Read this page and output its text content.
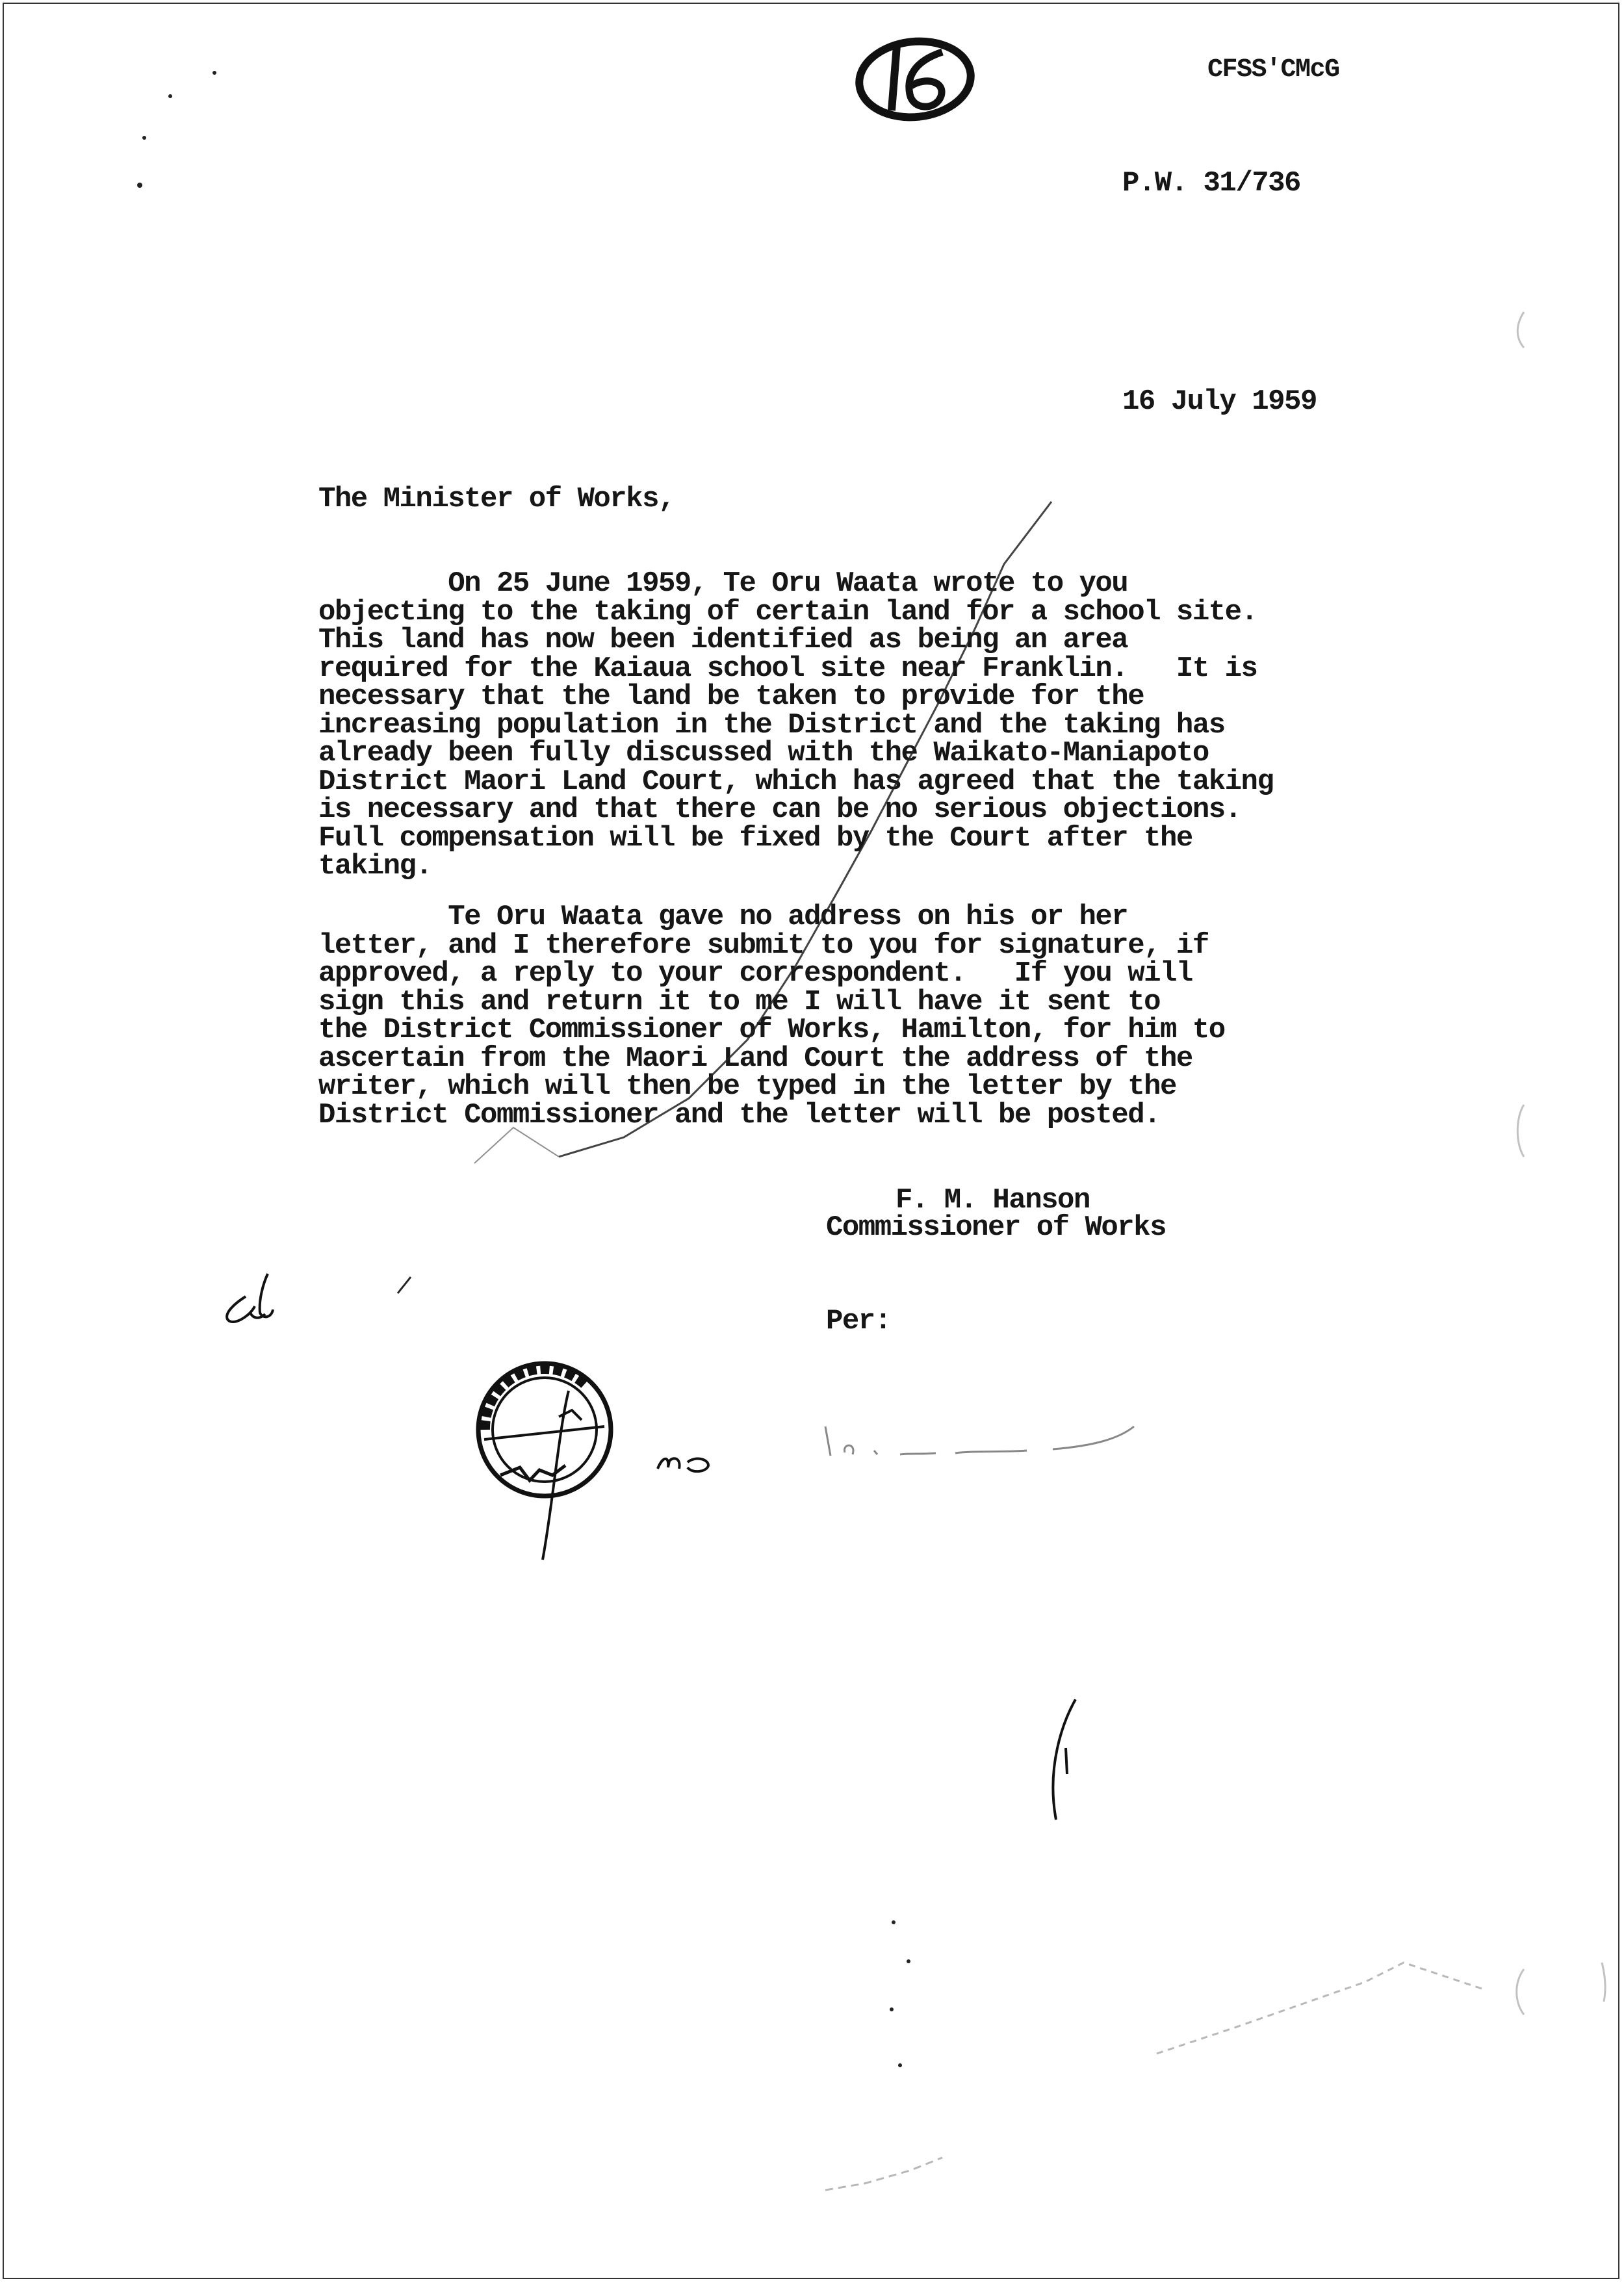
CFSS'CMcG
P.W. 31/736
16 July 1959
The Minister of Works,
On 25 June 1959, Te Oru Waata wrote to you
objecting to the taking of certain land for a school site.
This land has now been identified as being an area
required for the Kaiaua school site near Franklin.   It is
necessary that the land be taken to provide for the
increasing population in the District and the taking has
already been fully discussed with the Waikato-Maniapoto
District Maori Land Court, which has agreed that the taking
is necessary and that there can be no serious objections.
Full compensation will be fixed by the Court after the
taking.
Te Oru Waata gave no address on his or her
letter, and I therefore submit to you for signature, if
approved, a reply to your correspondent.   If you will
sign this and return it to me I will have it sent to
the District Commissioner of Works, Hamilton, for him to
ascertain from the Maori Land Court the address of the
writer, which will then be typed in the letter by the
District Commissioner and the letter will be posted.
F. M. Hanson
Commissioner of Works
Per:
